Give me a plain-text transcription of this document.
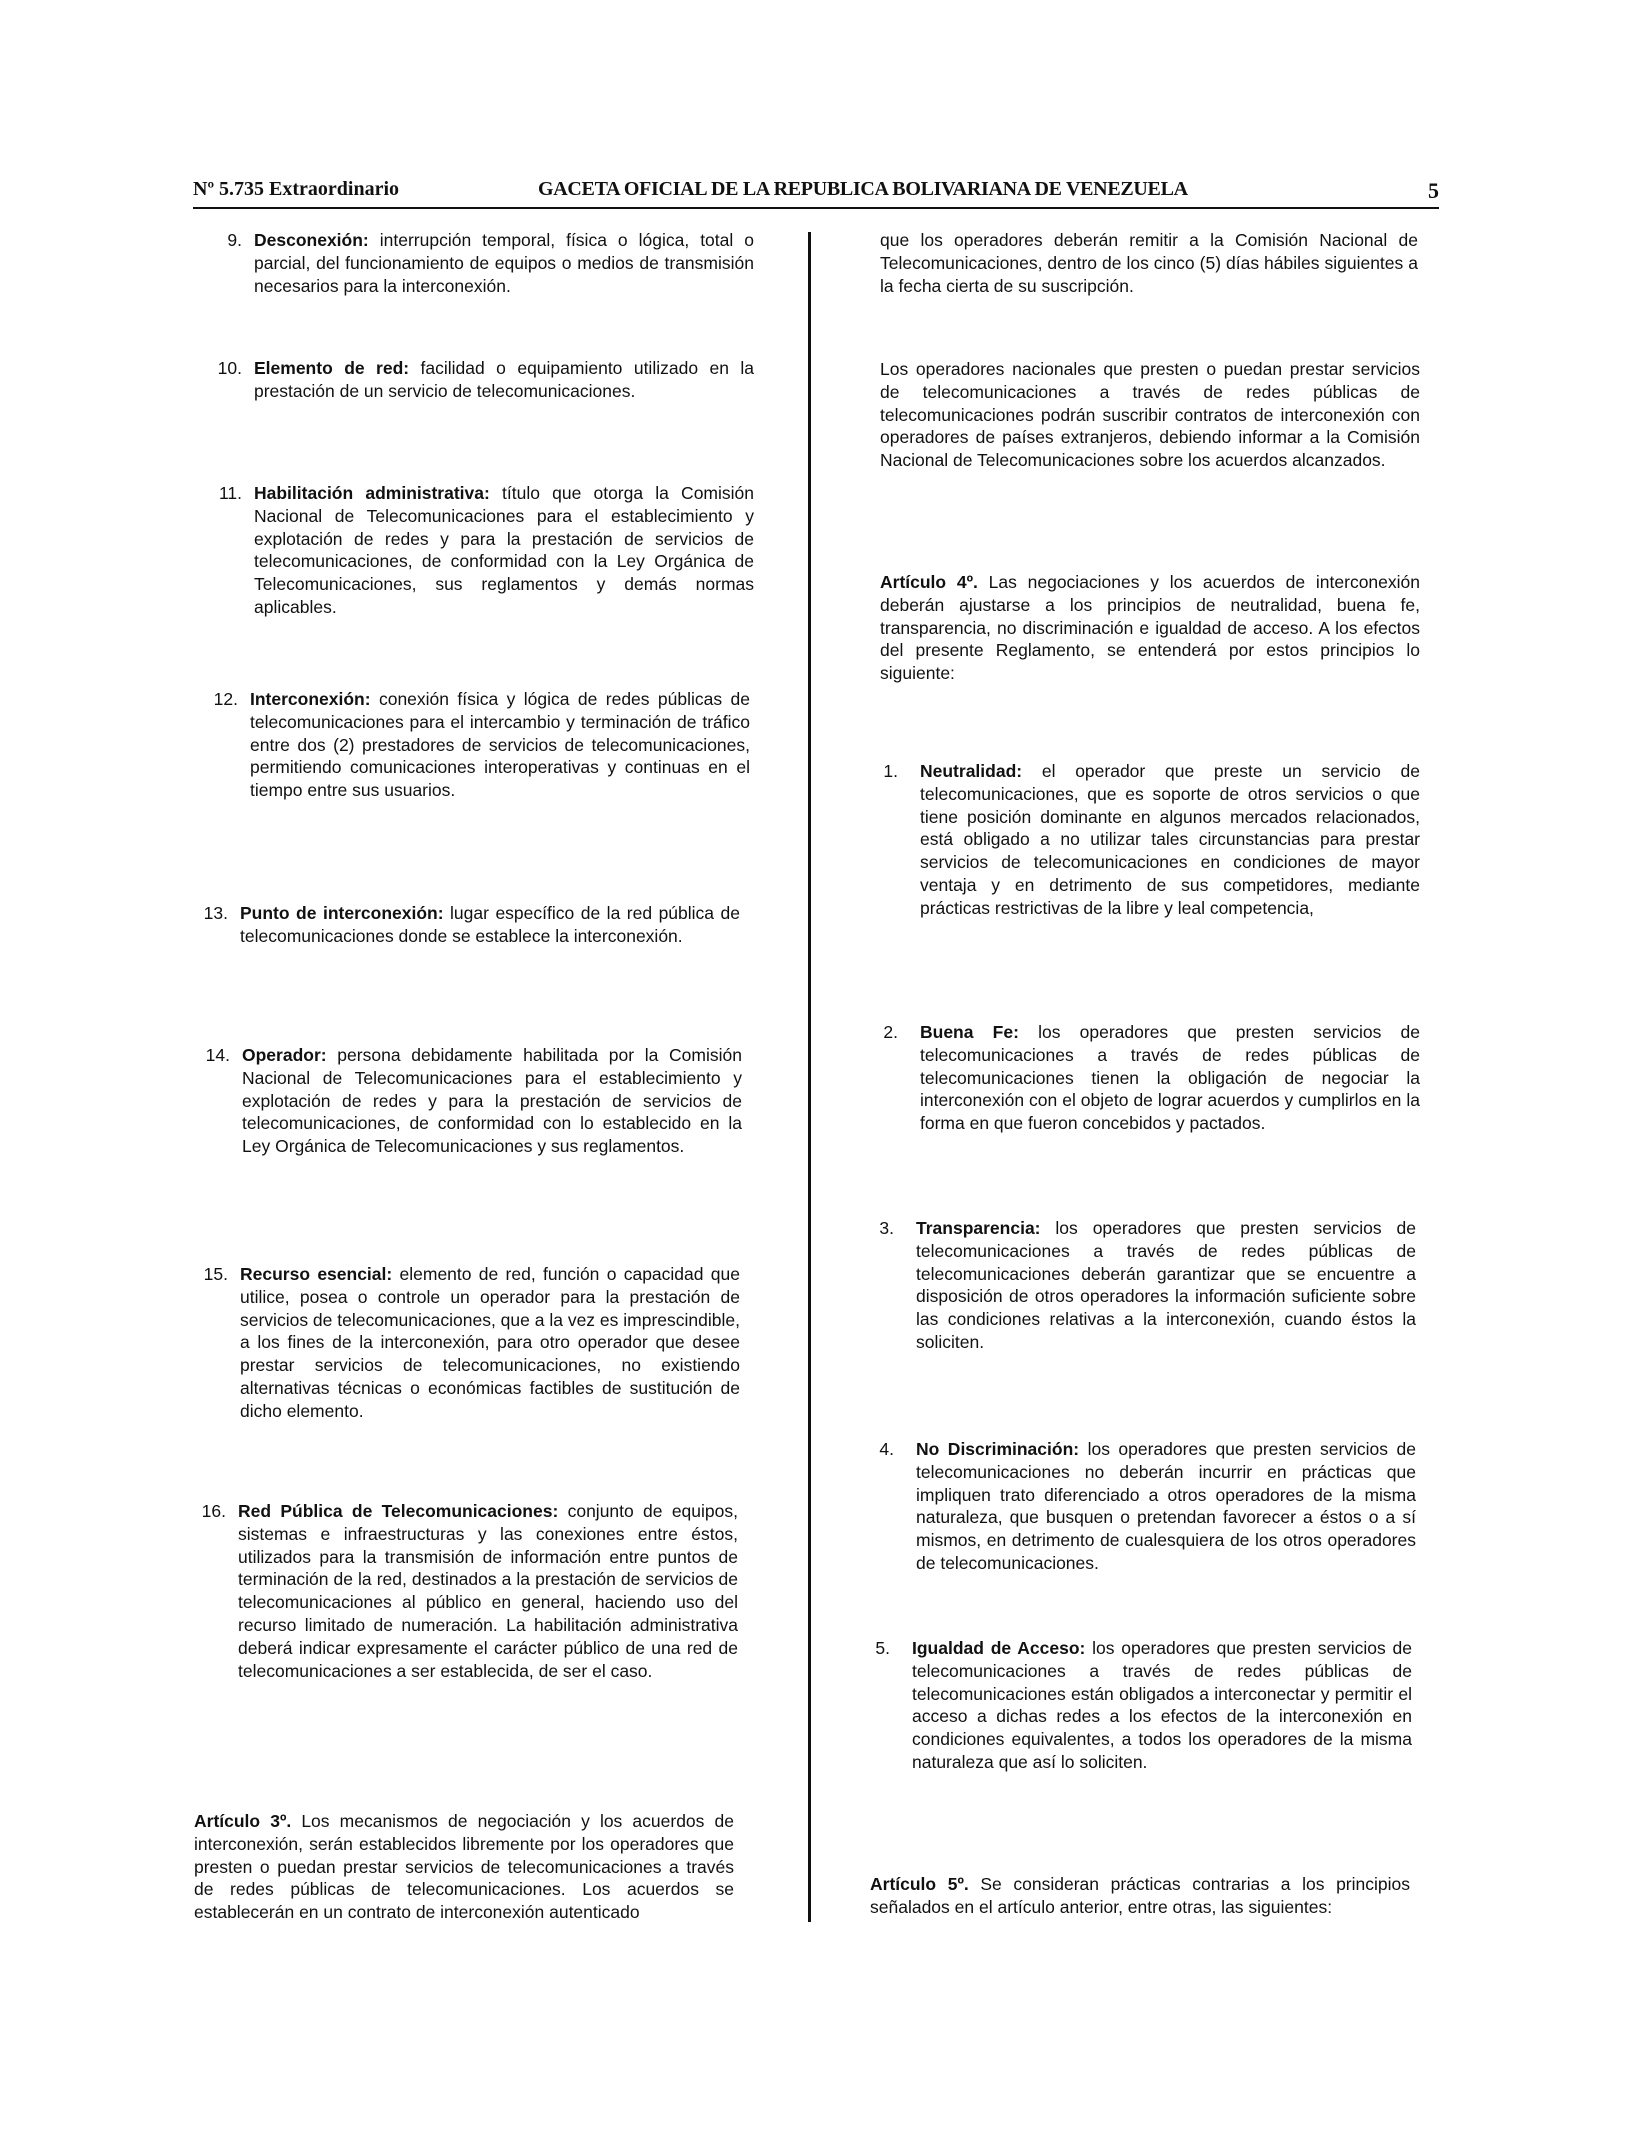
Nº 5.735 Extraordinario	GACETA OFICIAL DE LA REPUBLICA BOLIVARIANA DE VENEZUELA	5
9. Desconexión: interrupción temporal, física o lógica, total o parcial, del funcionamiento de equipos o medios de transmisión necesarios para la interconexión.
10. Elemento de red: facilidad o equipamiento utilizado en la prestación de un servicio de telecomunicaciones.
11. Habilitación administrativa: título que otorga la Comisión Nacional de Telecomunicaciones para el establecimiento y explotación de redes y para la prestación de servicios de telecomunicaciones, de conformidad con la Ley Orgánica de Telecomunicaciones, sus reglamentos y demás normas aplicables.
12. Interconexión: conexión física y lógica de redes públicas de telecomunicaciones para el intercambio y terminación de tráfico entre dos (2) prestadores de servicios de telecomunicaciones, permitiendo comunicaciones interoperativas y continuas en el tiempo entre sus usuarios.
13. Punto de interconexión: lugar específico de la red pública de telecomunicaciones donde se establece la interconexión.
14. Operador: persona debidamente habilitada por la Comisión Nacional de Telecomunicaciones para el establecimiento y explotación de redes y para la prestación de servicios de telecomunicaciones, de conformidad con lo establecido en la Ley Orgánica de Telecomunicaciones y sus reglamentos.
15. Recurso esencial: elemento de red, función o capacidad que utilice, posea o controle un operador para la prestación de servicios de telecomunicaciones, que a la vez es imprescindible, a los fines de la interconexión, para otro operador que desee prestar servicios de telecomunicaciones, no existiendo alternativas técnicas o económicas factibles de sustitución de dicho elemento.
16. Red Pública de Telecomunicaciones: conjunto de equipos, sistemas e infraestructuras y las conexiones entre éstos, utilizados para la transmisión de información entre puntos de terminación de la red, destinados a la prestación de servicios de telecomunicaciones al público en general, haciendo uso del recurso limitado de numeración. La habilitación administrativa deberá indicar expresamente el carácter público de una red de telecomunicaciones a ser establecida, de ser el caso.
Artículo 3º. Los mecanismos de negociación y los acuerdos de interconexión, serán establecidos libremente por los operadores que presten o puedan prestar servicios de telecomunicaciones a través de redes públicas de telecomunicaciones. Los acuerdos se establecerán en un contrato de interconexión autenticado
que los operadores deberán remitir a la Comisión Nacional de Telecomunicaciones, dentro de los cinco (5) días hábiles siguientes a la fecha cierta de su suscripción.
Los operadores nacionales que presten o puedan prestar servicios de telecomunicaciones a través de redes públicas de telecomunicaciones podrán suscribir contratos de interconexión con operadores de países extranjeros, debiendo informar a la Comisión Nacional de Telecomunicaciones sobre los acuerdos alcanzados.
Artículo 4º. Las negociaciones y los acuerdos de interconexión deberán ajustarse a los principios de neutralidad, buena fe, transparencia, no discriminación e igualdad de acceso. A los efectos del presente Reglamento, se entenderá por estos principios lo siguiente:
1. Neutralidad: el operador que preste un servicio de telecomunicaciones, que es soporte de otros servicios o que tiene posición dominante en algunos mercados relacionados, está obligado a no utilizar tales circunstancias para prestar servicios de telecomunicaciones en condiciones de mayor ventaja y en detrimento de sus competidores, mediante prácticas restrictivas de la libre y leal competencia,
2. Buena Fe: los operadores que presten servicios de telecomunicaciones a través de redes públicas de telecomunicaciones tienen la obligación de negociar la interconexión con el objeto de lograr acuerdos y cumplirlos en la forma en que fueron concebidos y pactados.
3. Transparencia: los operadores que presten servicios de telecomunicaciones a través de redes públicas de telecomunicaciones deberán garantizar que se encuentre a disposición de otros operadores la información suficiente sobre las condiciones relativas a la interconexión, cuando éstos la soliciten.
4. No Discriminación: los operadores que presten servicios de telecomunicaciones no deberán incurrir en prácticas que impliquen trato diferenciado a otros operadores de la misma naturaleza, que busquen o pretendan favorecer a éstos o a sí mismos, en detrimento de cualesquiera de los otros operadores de telecomunicaciones.
5. Igualdad de Acceso: los operadores que presten servicios de telecomunicaciones a través de redes públicas de telecomunicaciones están obligados a interconectar y permitir el acceso a dichas redes a los efectos de la interconexión en condiciones equivalentes, a todos los operadores de la misma naturaleza que así lo soliciten.
Artículo 5º. Se consideran prácticas contrarias a los principios señalados en el artículo anterior, entre otras, las siguientes:
